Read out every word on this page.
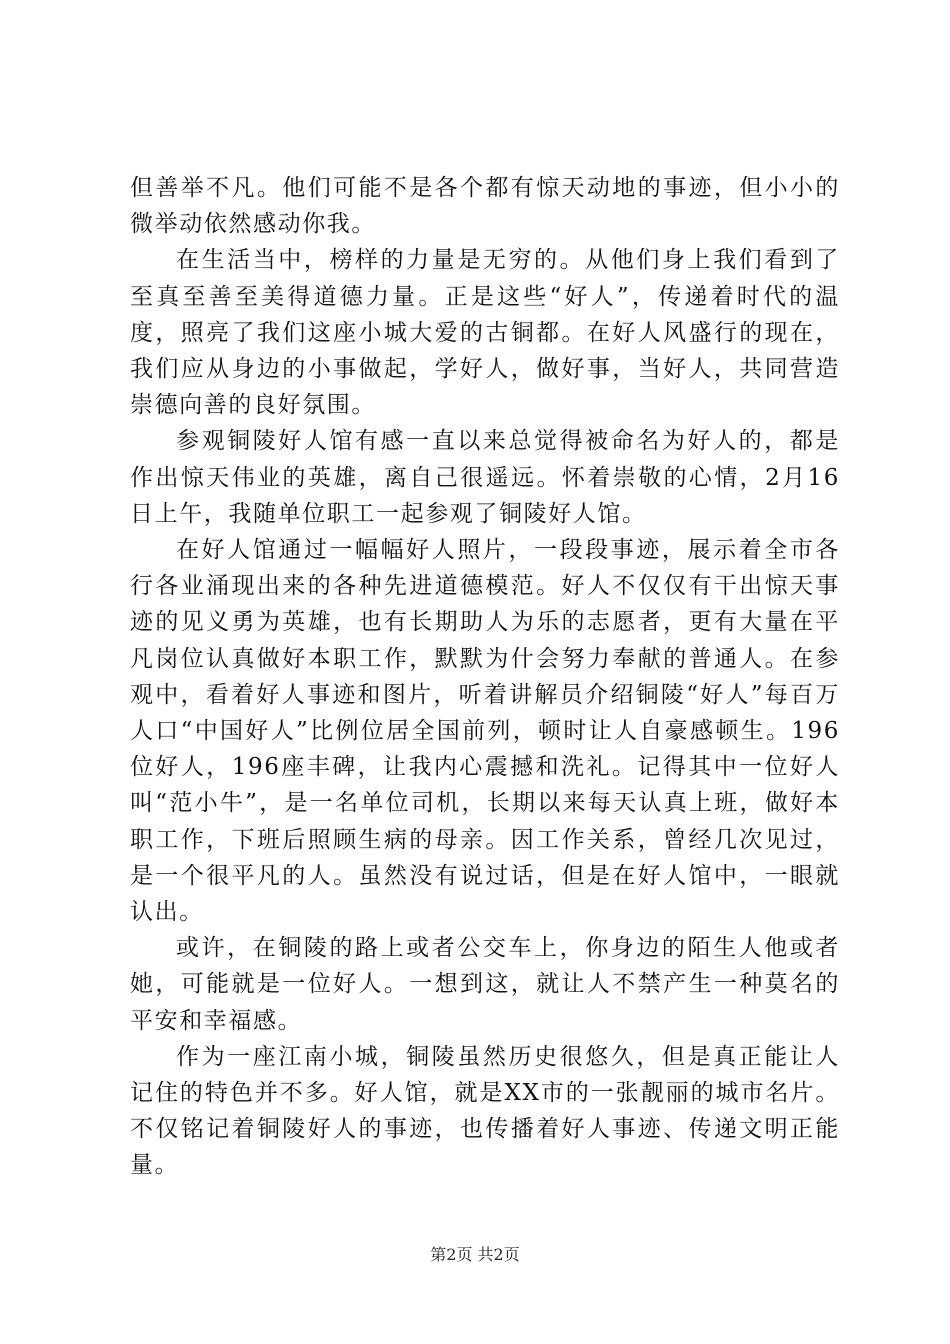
但善举不凡。他们可能不是各个都有惊天动地的事迹，但小小的微举动依然感动你我。

在生活当中，榜样的力量是无穷的。从他们身上我们看到了至真至善至美得道德力量。正是这些“好人”，传递着时代的温度，照亮了我们这座小城大爱的古铜都。在好人风盛行的现在，我们应从身边的小事做起，学好人，做好事，当好人，共同营造崇德向善的良好氛围。

参观铜陵好人馆有感一直以来总觉得被命名为好人的，都是作出惊天伟业的英雄，离自己很遥远。怀着崇敬的心情，2月16日上午，我随单位职工一起参观了铜陵好人馆。

在好人馆通过一幅幅好人照片，一段段事迹，展示着全市各行各业涌现出来的各种先进道德模范。好人不仅仅有干出惊天事迹的见义勇为英雄，也有长期助人为乐的志愿者，更有大量在平凡岗位认真做好本职工作，默默为什会努力奉献的普通人。在参观中，看着好人事迹和图片，听着讲解员介绍铜陵“好人”每百万人口“中国好人”比例位居全国前列，顿时让人自豪感顿生。196位好人，196座丰碑，让我内心震撼和洗礼。记得其中一位好人叫“范小牛”，是一名单位司机，长期以来每天认真上班，做好本职工作，下班后照顾生病的母亲。因工作关系，曾经几次见过，是一个很平凡的人。虽然没有说过话，但是在好人馆中，一眼就认出。

或许，在铜陵的路上或者公交车上，你身边的陌生人他或者她，可能就是一位好人。一想到这，就让人不禁产生一种莫名的平安和幸福感。

作为一座江南小城，铜陵虽然历史很悠久，但是真正能让人记住的特色并不多。好人馆，就是XX市的一张靓丽的城市名片。不仅铭记着铜陵好人的事迹，也传播着好人事迹、传递文明正能量。

第2页 共2页
